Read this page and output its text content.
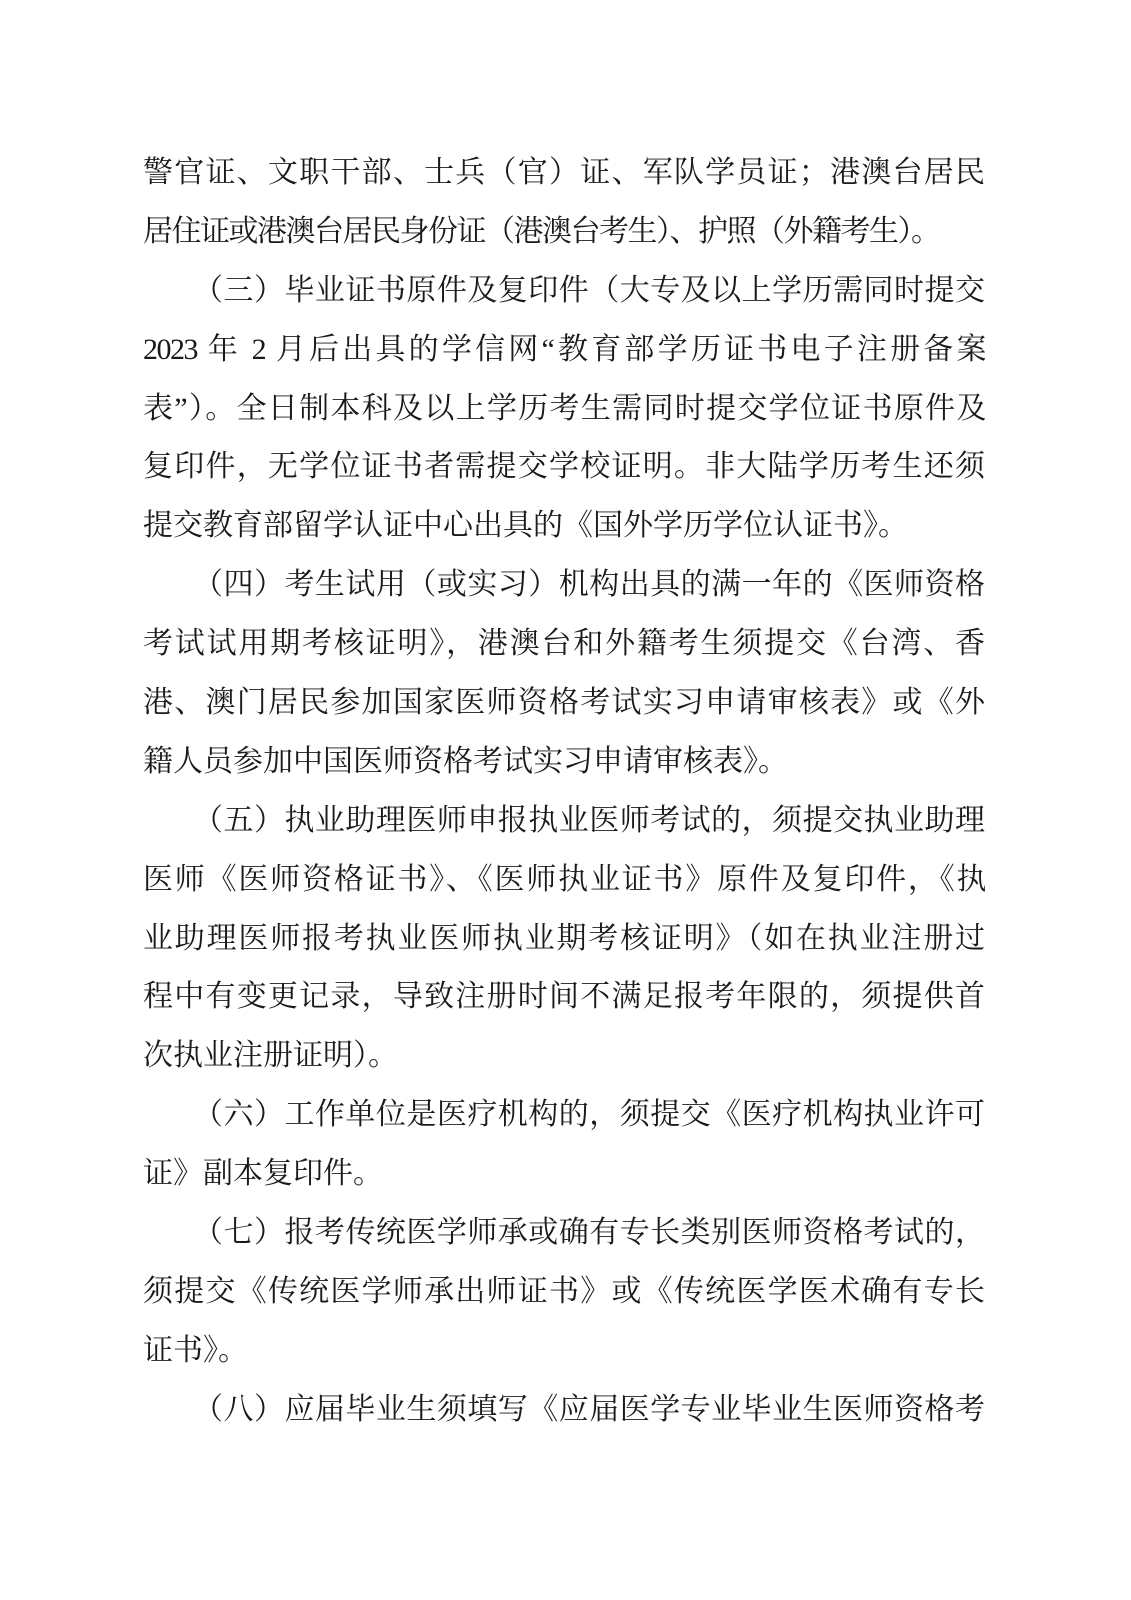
警官证、文职干部、士兵（官）证、军队学员证；港澳台居民
居住证或港澳台居民身份证（港澳台考生）、护照（外籍考生）。
（三）毕业证书原件及复印件（大专及以上学历需同时提交
2023 年 2 月后出具的学信网“教育部学历证书电子注册备案
表”）。全日制本科及以上学历考生需同时提交学位证书原件及
复印件，无学位证书者需提交学校证明。非大陆学历考生还须
提交教育部留学认证中心出具的《国外学历学位认证书》。
（四）考生试用（或实习）机构出具的满一年的《医师资格
考试试用期考核证明》，港澳台和外籍考生须提交《台湾、香
港、澳门居民参加国家医师资格考试实习申请审核表》或《外
籍人员参加中国医师资格考试实习申请审核表》。
（五）执业助理医师申报执业医师考试的，须提交执业助理
医师《医师资格证书》、《医师执业证书》原件及复印件，《执
业助理医师报考执业医师执业期考核证明》（如在执业注册过
程中有变更记录，导致注册时间不满足报考年限的，须提供首
次执业注册证明）。
（六）工作单位是医疗机构的，须提交《医疗机构执业许可
证》副本复印件。
（七）报考传统医学师承或确有专长类别医师资格考试的，
须提交《传统医学师承出师证书》或《传统医学医术确有专长
证书》。
（八）应届毕业生须填写《应届医学专业毕业生医师资格考
